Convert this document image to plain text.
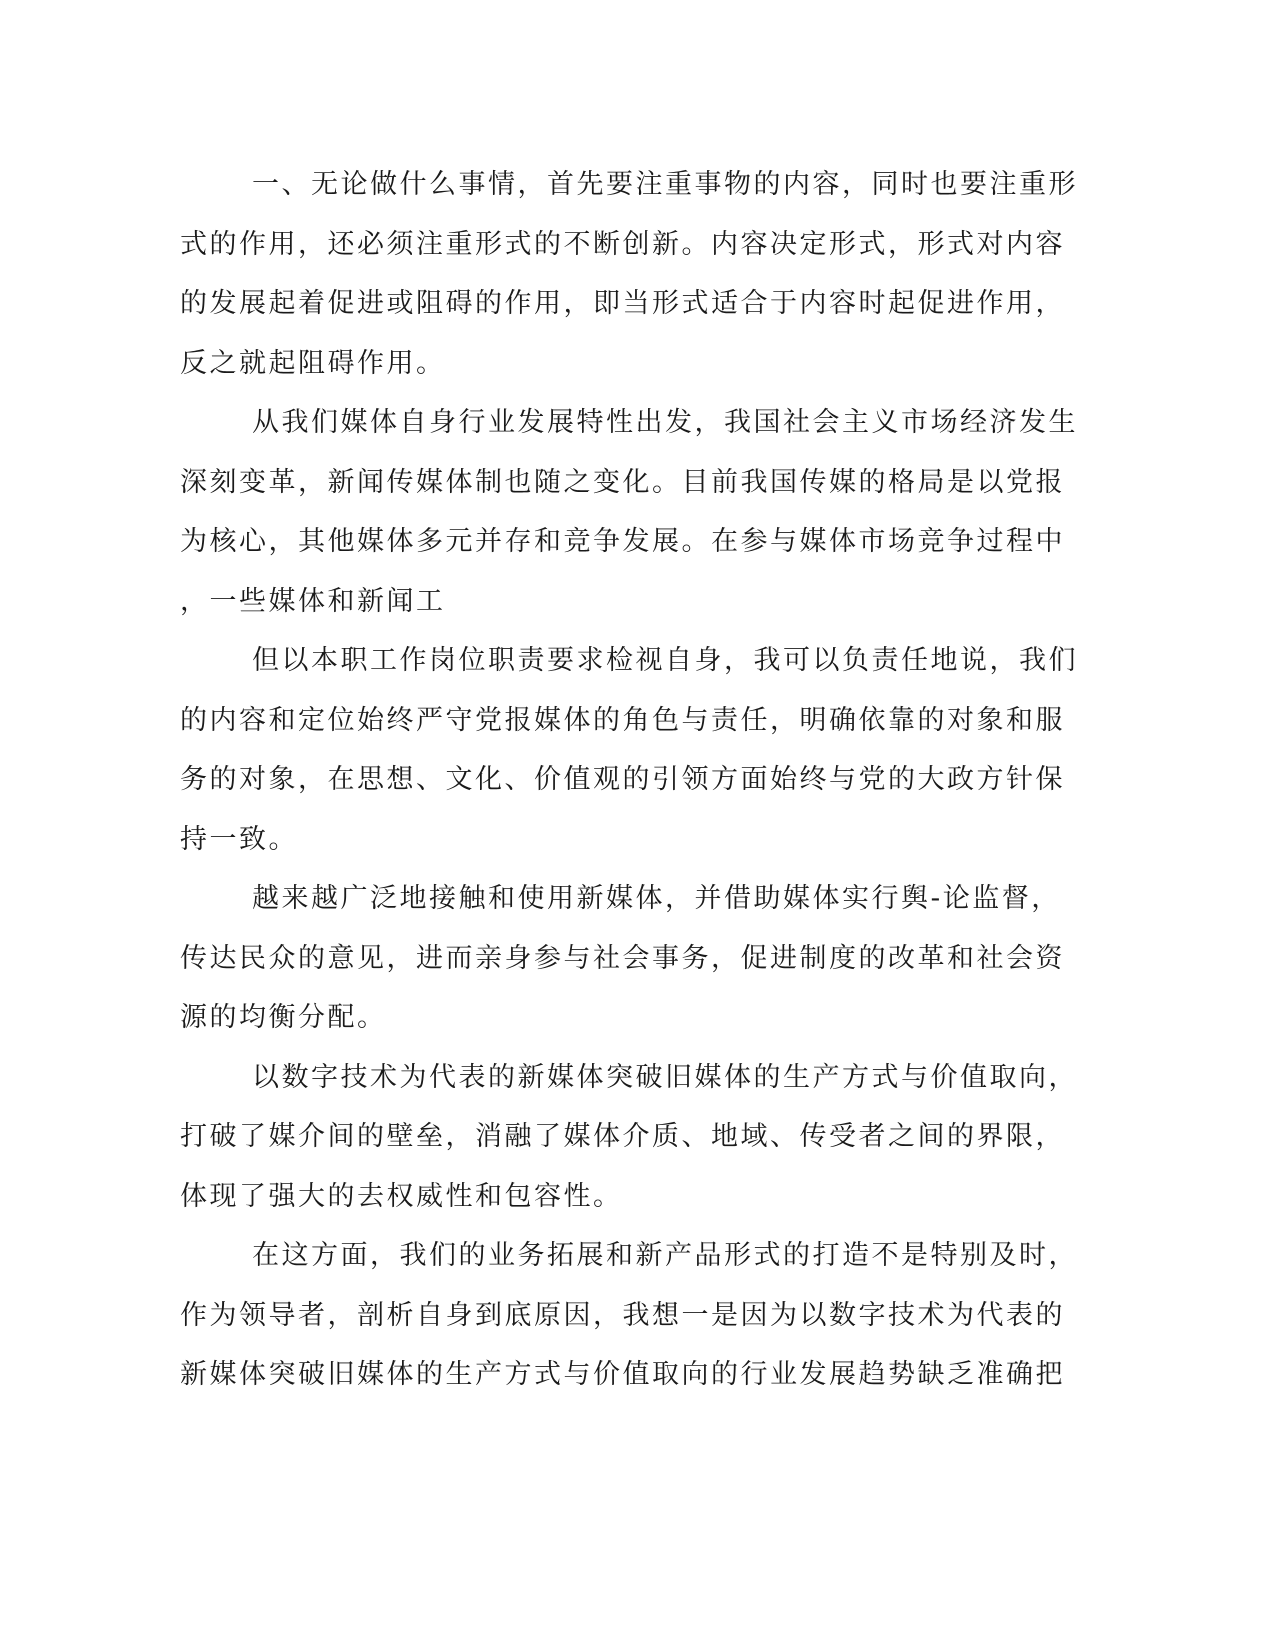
一、无论做什么事情，首先要注重事物的内容，同时也要注重形
式的作用，还必须注重形式的不断创新。内容决定形式，形式对内容
的发展起着促进或阻碍的作用，即当形式适合于内容时起促进作用，
反之就起阻碍作用。

从我们媒体自身行业发展特性出发，我国社会主义市场经济发生
深刻变革，新闻传媒体制也随之变化。目前我国传媒的格局是以党报
为核心，其他媒体多元并存和竞争发展。在参与媒体市场竞争过程中
，一些媒体和新闻工

但以本职工作岗位职责要求检视自身，我可以负责任地说，我们
的内容和定位始终严守党报媒体的角色与责任，明确依靠的对象和服
务的对象，在思想、文化、价值观的引领方面始终与党的大政方针保
持一致。

越来越广泛地接触和使用新媒体，并借助媒体实行舆-论监督，
传达民众的意见，进而亲身参与社会事务，促进制度的改革和社会资
源的均衡分配。

以数字技术为代表的新媒体突破旧媒体的生产方式与价值取向，
打破了媒介间的壁垒，消融了媒体介质、地域、传受者之间的界限，
体现了强大的去权威性和包容性。

在这方面，我们的业务拓展和新产品形式的打造不是特别及时，
作为领导者，剖析自身到底原因，我想一是因为以数字技术为代表的
新媒体突破旧媒体的生产方式与价值取向的行业发展趋势缺乏准确把
